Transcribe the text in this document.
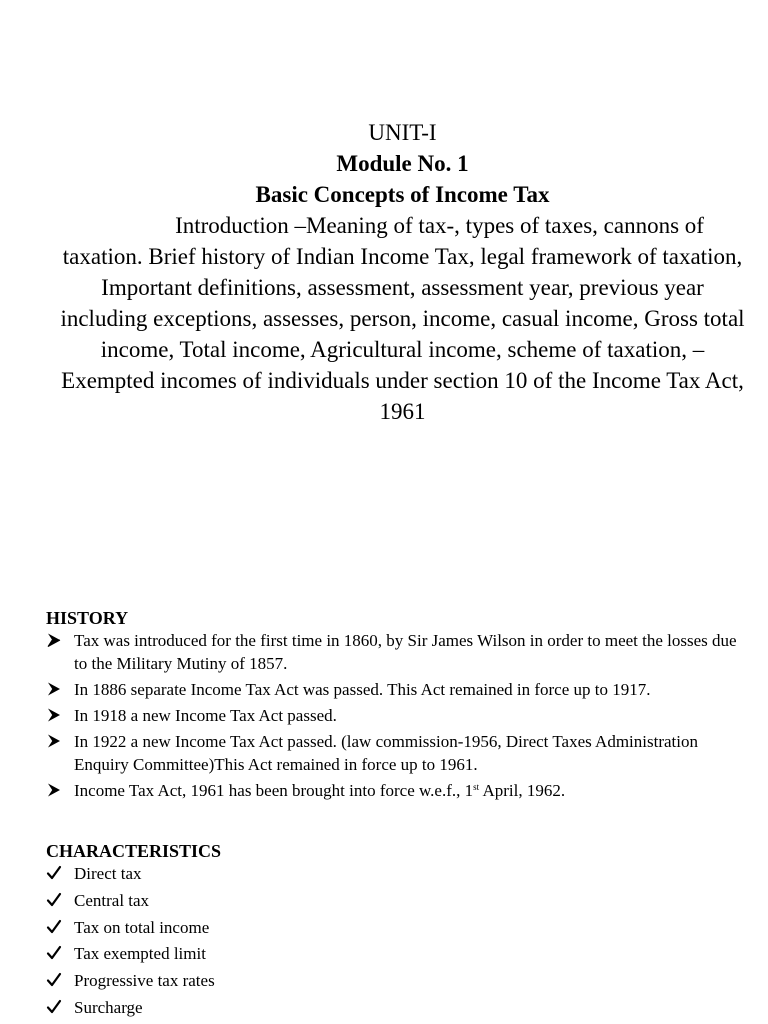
UNIT-I
Module No. 1
Basic Concepts of Income Tax

Introduction –Meaning of tax-, types of taxes, cannons of taxation. Brief history of Indian Income Tax, legal framework of taxation, Important definitions, assessment, assessment year, previous year including exceptions, assesses, person, income, casual income, Gross total income, Total income, Agricultural income, scheme of taxation, – Exempted incomes of individuals under section 10 of the Income Tax Act, 1961

HISTORY
Tax was introduced for the first time in 1860, by Sir James Wilson in order to meet the losses due to the Military Mutiny of 1857.
In 1886 separate Income Tax Act was passed. This Act remained in force up to 1917.
In 1918 a new Income Tax Act passed.
In 1922 a new Income Tax Act passed. (law commission-1956, Direct Taxes Administration Enquiry Committee)This Act remained in force up to 1961.
Income Tax Act, 1961 has been brought into force w.e.f., 1st April, 1962.
CHARACTERISTICS
Direct tax
Central tax
Tax on total income
Tax exempted limit
Progressive tax rates
Surcharge
